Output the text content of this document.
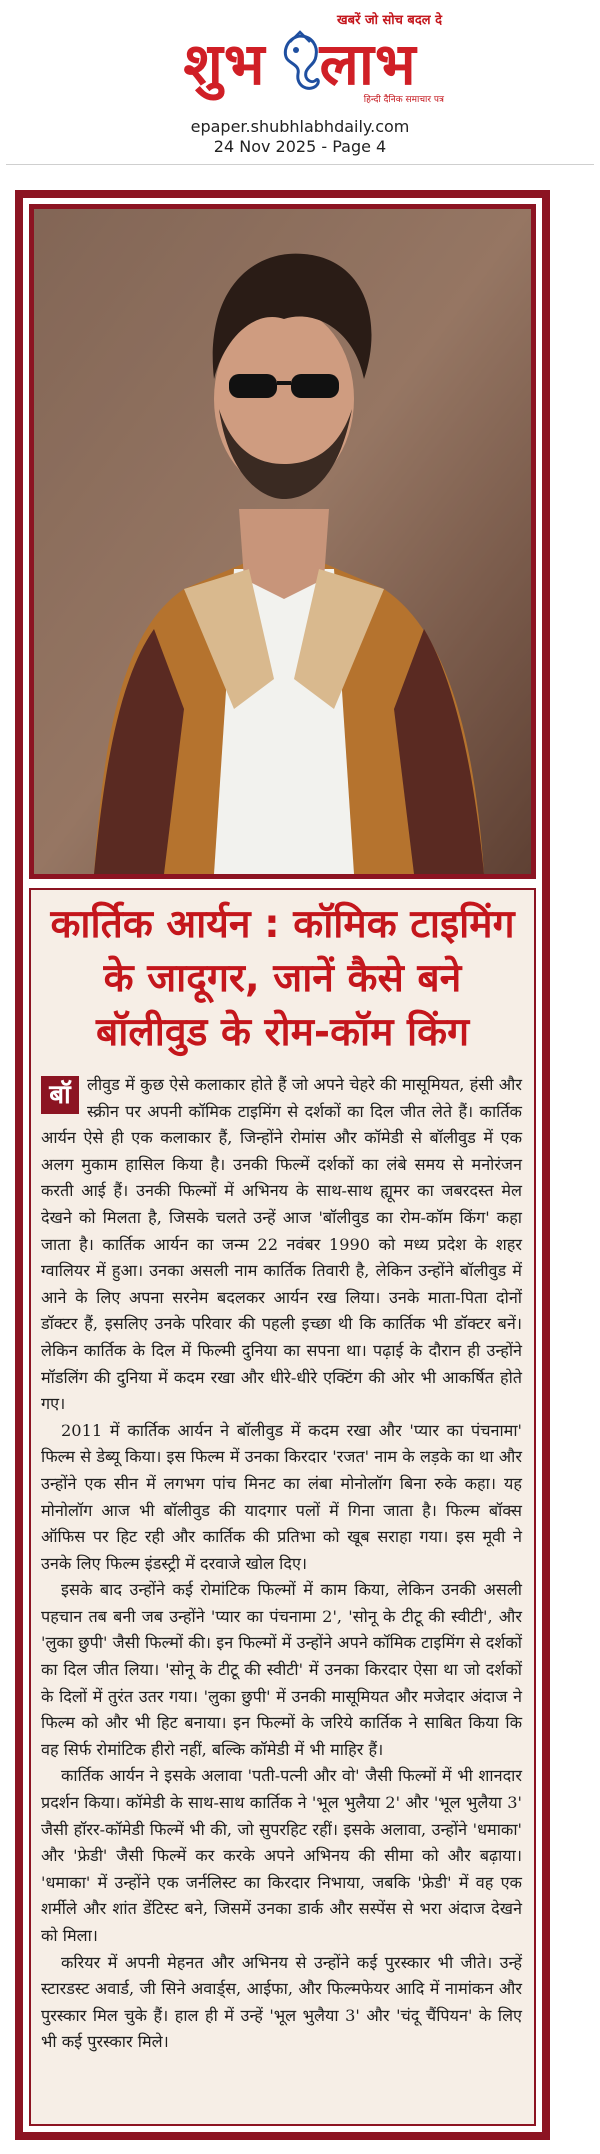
खबरें जो सोच बदल दे
शुभ लाभ
हिन्दी दैनिक समाचार पत्र
epaper.shubhlabhdaily.com
24 Nov 2025 - Page 4
कार्तिक आर्यन : कॉमिक टाइमिंग
के जादूगर, जानें कैसे बने
बॉलीवुड के रोम-कॉम किंग

बॉ	लीवुड में कुछ ऐसे कलाकार होते हैं जो अपने चेहरे की मासूमियत, हंसी और स्क्रीन पर अपनी कॉमिक टाइमिंग से दर्शकों का दिल जीत लेते हैं। कार्तिक आर्यन ऐसे ही एक कलाकार हैं, जिन्होंने रोमांस और कॉमेडी से बॉलीवुड में एक अलग मुकाम हासिल किया है। उनकी फिल्में दर्शकों का लंबे समय से मनोरंजन करती आई हैं। उनकी फिल्मों में अभिनय के साथ-साथ ह्यूमर का जबरदस्त मेल देखने को मिलता है, जिसके चलते उन्हें आज 'बॉलीवुड का रोम-कॉम किंग' कहा जाता है। कार्तिक आर्यन का जन्म 22 नवंबर 1990 को मध्य प्रदेश के शहर ग्वालियर में हुआ। उनका असली नाम कार्तिक तिवारी है, लेकिन उन्होंने बॉलीवुड में आने के लिए अपना सरनेम बदलकर आर्यन रख लिया। उनके माता-पिता दोनों डॉक्टर हैं, इसलिए उनके परिवार की पहली इच्छा थी कि कार्तिक भी डॉक्टर बनें। लेकिन कार्तिक के दिल में फिल्मी दुनिया का सपना था। पढ़ाई के दौरान ही उन्होंने मॉडलिंग की दुनिया में कदम रखा और धीरे-धीरे एक्टिंग की ओर भी आकर्षित होते गए।

2011 में कार्तिक आर्यन ने बॉलीवुड में कदम रखा और 'प्यार का पंचनामा' फिल्म से डेब्यू किया। इस फिल्म में उनका किरदार 'रजत' नाम के लड़के का था और उन्होंने एक सीन में लगभग पांच मिनट का लंबा मोनोलॉग बिना रुके कहा। यह मोनोलॉग आज भी बॉलीवुड की यादगार पलों में गिना जाता है। फिल्म बॉक्स ऑफिस पर हिट रही और कार्तिक की प्रतिभा को खूब सराहा गया। इस मूवी ने उनके लिए फिल्म इंडस्ट्री में दरवाजे खोल दिए।

इसके बाद उन्होंने कई रोमांटिक फिल्मों में काम किया, लेकिन उनकी असली पहचान तब बनी जब उन्होंने 'प्यार का पंचनामा 2', 'सोनू के टीटू की स्वीटी', और 'लुका छुपी' जैसी फिल्मों की। इन फिल्मों में उन्होंने अपने कॉमिक टाइमिंग से दर्शकों का दिल जीत लिया। 'सोनू के टीटू की स्वीटी' में उनका किरदार ऐसा था जो दर्शकों के दिलों में तुरंत उतर गया। 'लुका छुपी' में उनकी मासूमियत और मजेदार अंदाज ने फिल्म को और भी हिट बनाया। इन फिल्मों के जरिये कार्तिक ने साबित किया कि वह सिर्फ रोमांटिक हीरो नहीं, बल्कि कॉमेडी में भी माहिर हैं।

कार्तिक आर्यन ने इसके अलावा 'पती-पत्नी और वो' जैसी फिल्मों में भी शानदार प्रदर्शन किया। कॉमेडी के साथ-साथ कार्तिक ने 'भूल भुलैया 2' और 'भूल भुलैया 3' जैसी हॉरर-कॉमेडी फिल्में भी की, जो सुपरहिट रहीं। इसके अलावा, उन्होंने 'धमाका' और 'फ्रेडी' जैसी फिल्में कर करके अपने अभिनय की सीमा को और बढ़ाया। 'धमाका' में उन्होंने एक जर्नलिस्ट का किरदार निभाया, जबकि 'फ्रेडी' में वह एक शर्मीले और शांत डेंटिस्ट बने, जिसमें उनका डार्क और सस्पेंस से भरा अंदाज देखने को मिला।

करियर में अपनी मेहनत और अभिनय से उन्होंने कई पुरस्कार भी जीते। उन्हें स्टारडस्ट अवार्ड, जी सिने अवार्ड्स, आईफा, और फिल्मफेयर आदि में नामांकन और पुरस्कार मिल चुके हैं। हाल ही में उन्हें 'भूल भुलैया 3' और 'चंदू चैंपियन' के लिए भी कई पुरस्कार मिले।
